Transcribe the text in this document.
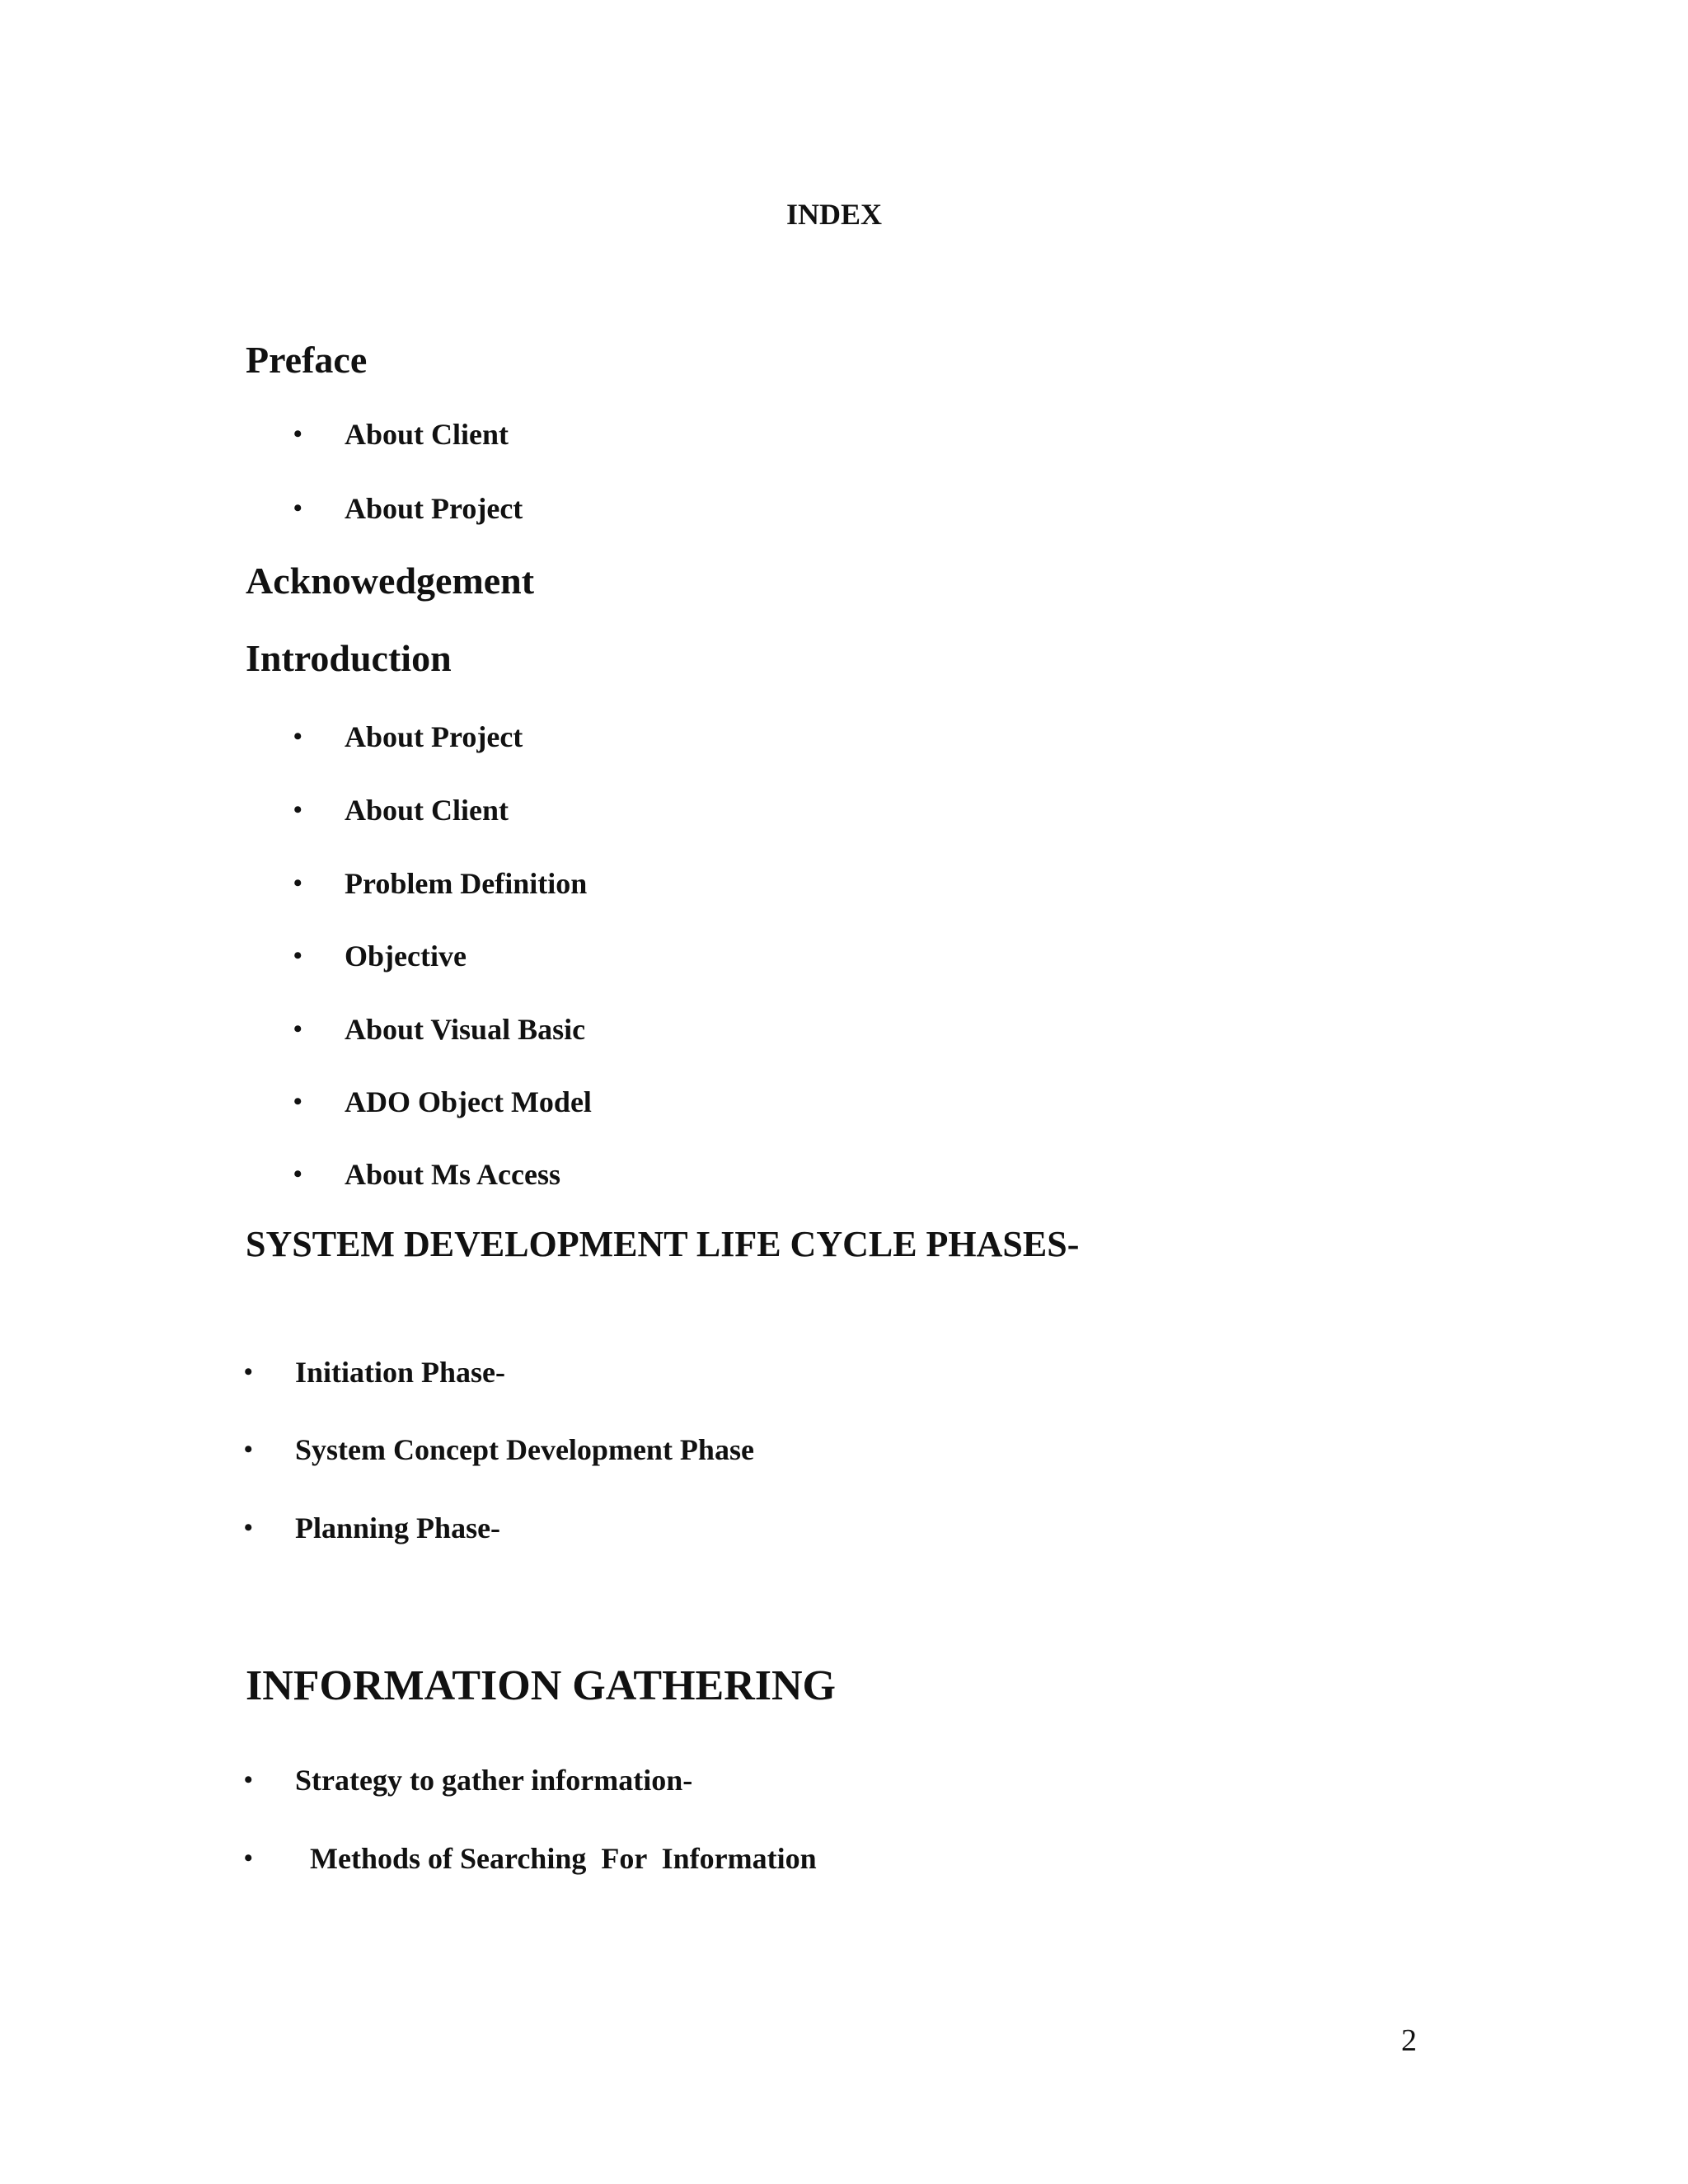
INDEX
Preface
• About Client
• About Project
Acknowedgement
Introduction
• About Project
• About Client
• Problem Definition
• Objective
• About Visual Basic
• ADO Object Model
• About Ms Access
SYSTEM DEVELOPMENT LIFE CYCLE PHASES-
• Initiation Phase-
• System Concept Development Phase
• Planning Phase-
INFORMATION GATHERING
• Strategy to gather information-
• Methods of Searching  For  Information
2
